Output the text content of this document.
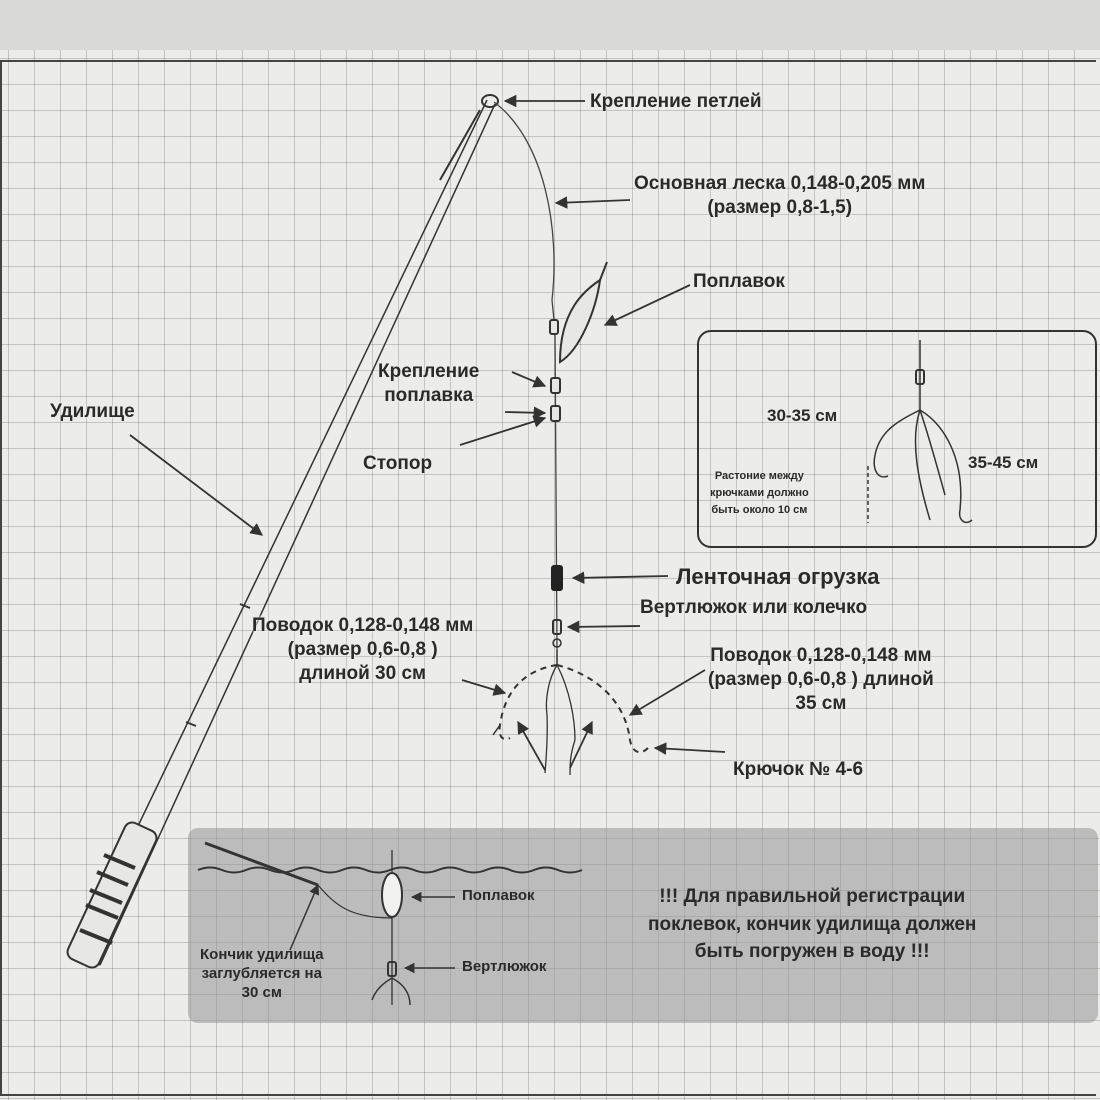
Крепление петлей
Основная леска 0,148-0,205 мм
(размер 0,8-1,5)
Поплавок
Крепление
поплавка
Удилище
Стопор
Ленточная огрузка
Вертлюжок или колечко
Поводок 0,128-0,148 мм
(размер 0,6-0,8 )
длиной 30 см
Поводок 0,128-0,148 мм
(размер 0,6-0,8 ) длиной
35 см
Крючок № 4-6
30-35 см
35-45 см
Растоние между
крючками должно
быть около 10 см
Поплавок
Вертлюжок
Кончик удилища
заглубляется на
30 см
!!! Для правильной регистрации
поклевок, кончик удилища должен
быть погружен в воду !!!
